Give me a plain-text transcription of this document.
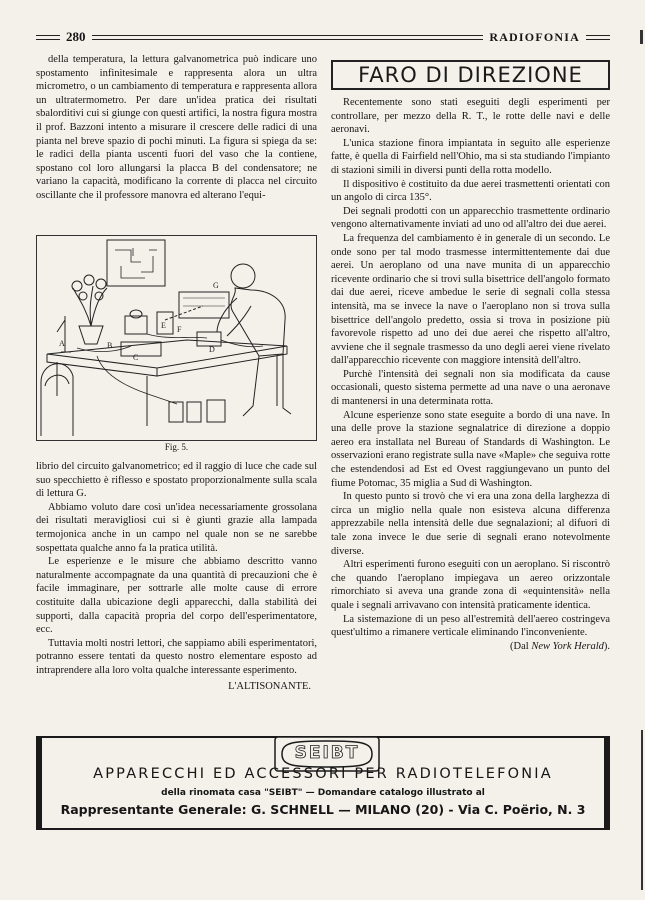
280	RADIOFONIA

della temperatura, la lettura galvanometrica può indicare uno spostamento infinitesimale e rappresenta alora un ultra micrometro, o un cambiamento di temperatura e rappresenta allora un ultratermometro. Per dare un'idea pratica dei risultati sbalorditivi cui si giunge con questi artifici, la nostra figura mostra il prof. Bazzoni intento a misurare il crescere delle radici di una pianta nel breve spazio di pochi minuti. La figura si spiega da se: le radici della pianta uscenti fuori del vaso che la contiene, spostano col loro allungarsi la placca B del condensatore; ne variano la capacità, modificano la corrente di placca nel circuito oscillante che il professore manovra ed alterano l'equi-

G
E F
B
A
C
D
Fig. 5.

librio del circuito galvanometrico; ed il raggio di luce che cade sul suo specchietto è riflesso e spostato proporzionalmente sulla scala di lettura G.

Abbiamo voluto dare così un'idea necessariamente grossolana dei risultati meravigliosi cui si è giunti grazie alla lampada termojonica anche in un campo nel quale non se ne sarebbe sospettata qualche anno fa la pratica utilità.

Le esperienze e le misure che abbiamo descritto vanno naturalmente accompagnate da una quantità di precauzioni che è facile immaginare, per sottrarle alle molte cause di errore costituite dalla ubicazione degli apparecchi, dalla stabilità dei supporti, dalla capacità propria del corpo dell'esperimentatore, ecc.

Tuttavia molti nostri lettori, che sappiamo abili esperimentatori, potranno essere tentati da questo nostro elementare esposto ad intraprendere alla loro volta qualche interessante esperimento.

L'ALTISONANTE.

FARO DI DIREZIONE

Recentemente sono stati eseguiti degli esperimenti per controllare, per mezzo della R. T., le rotte delle navi e delle aeronavi.

L'unica stazione finora impiantata in seguito alle esperienze fatte, è quella di Fairfield nell'Ohio, ma si sta studiando l'impianto di stazioni simili in diversi punti della rotta modello.

Il dispositivo è costituito da due aerei trasmettenti orientati con un angolo di circa 135°.

Dei segnali prodotti con un apparecchio trasmettente ordinario vengono alternativamente inviati ad uno od all'altro dei due aerei.

La frequenza del cambiamento è in generale di un secondo. Le onde sono per tal modo trasmesse intermittentemente dai due aerei. Un aeroplano od una nave munita di un apparecchio ricevente ordinario che si trovi sulla bisettrice dell'angolo formato dai due aerei, riceve ambedue le serie di segnali colla stessa intensità, ma se invece la nave o l'aeroplano non si trova sulla bisettrice dell'angolo predetto, ossia si trova in posizione più favorevole rispetto ad uno dei due aerei che rispetto all'altro, avviene che il segnale trasmesso da uno degli aerei viene rivelato dall'apparecchio ricevente con maggiore intensità dell'altro.

Purchè l'intensità dei segnali non sia modificata da cause occasionali, questo sistema permette ad una nave o una aeronave di mantenersi in una determinata rotta.

Alcune esperienze sono state eseguite a bordo di una nave. In una delle prove la stazione segnalatrice di direzione a doppio aereo era installata nel Bureau of Standards di Washington. Le osservazioni erano registrate sulla nave «Maple» che seguiva rotte che estendendosi ad Est ed Ovest raggiungevano un punto del fiume Potomac, 35 miglia a Sud di Washington.

In questo punto si trovò che vi era una zona della larghezza di circa un miglio nella quale non esisteva alcuna differenza apprezzabile nella intensità delle due segnalazioni; al difuori di tale zona invece le due serie di segnali erano notevolmente diverse.

Altri esperimenti furono eseguiti con un aeroplano. Si riscontrò che quando l'aeroplano impiegava un aereo orizzontale rimorchiato si aveva una grande zona di «equintensità» nella quale i segnali arrivavano con intensità praticamente identica.

La sistemazione di un peso all'estremità dell'aereo costringeva quest'ultimo a rimanere verticale eliminando l'inconveniente.

(Dal New York Herald).

SEIBT
APPARECCHI ED ACCESSORI PER RADIOTELEFONIA
della rinomata casa "SEIBT" — Domandare catalogo illustrato al
Rappresentante Generale: G. SCHNELL — MILANO (20) - Via C. Poërio, N. 3
